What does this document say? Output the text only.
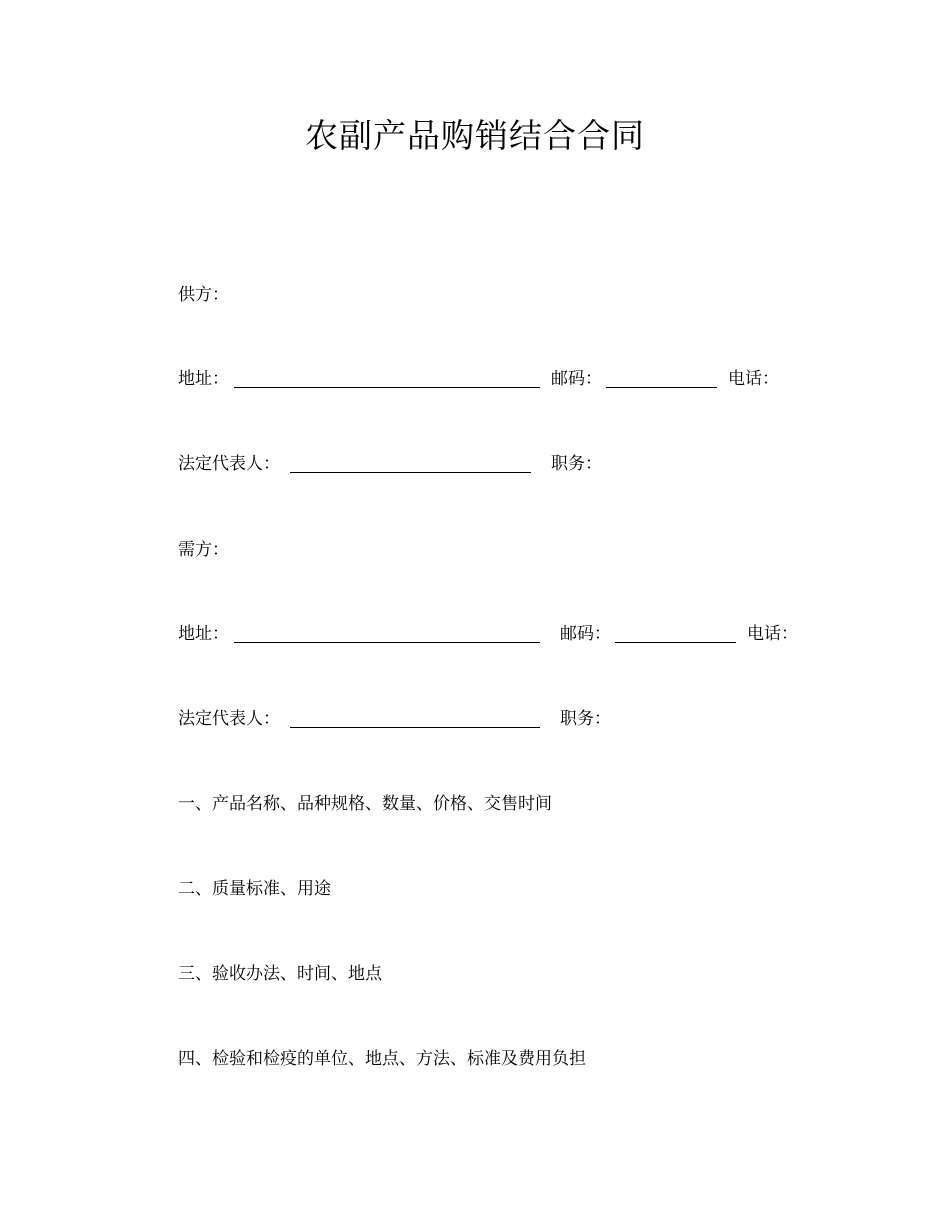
农副产品购销结合合同
供方：
地址：	邮码：	电话：
法定代表人：	职务：
需方：
地址：	邮码：	电话：
法定代表人：	职务：
一、产品名称、品种规格、数量、价格、交售时间
二、质量标准、用途
三、验收办法、时间、地点
四、检验和检疫的单位、地点、方法、标准及费用负担
